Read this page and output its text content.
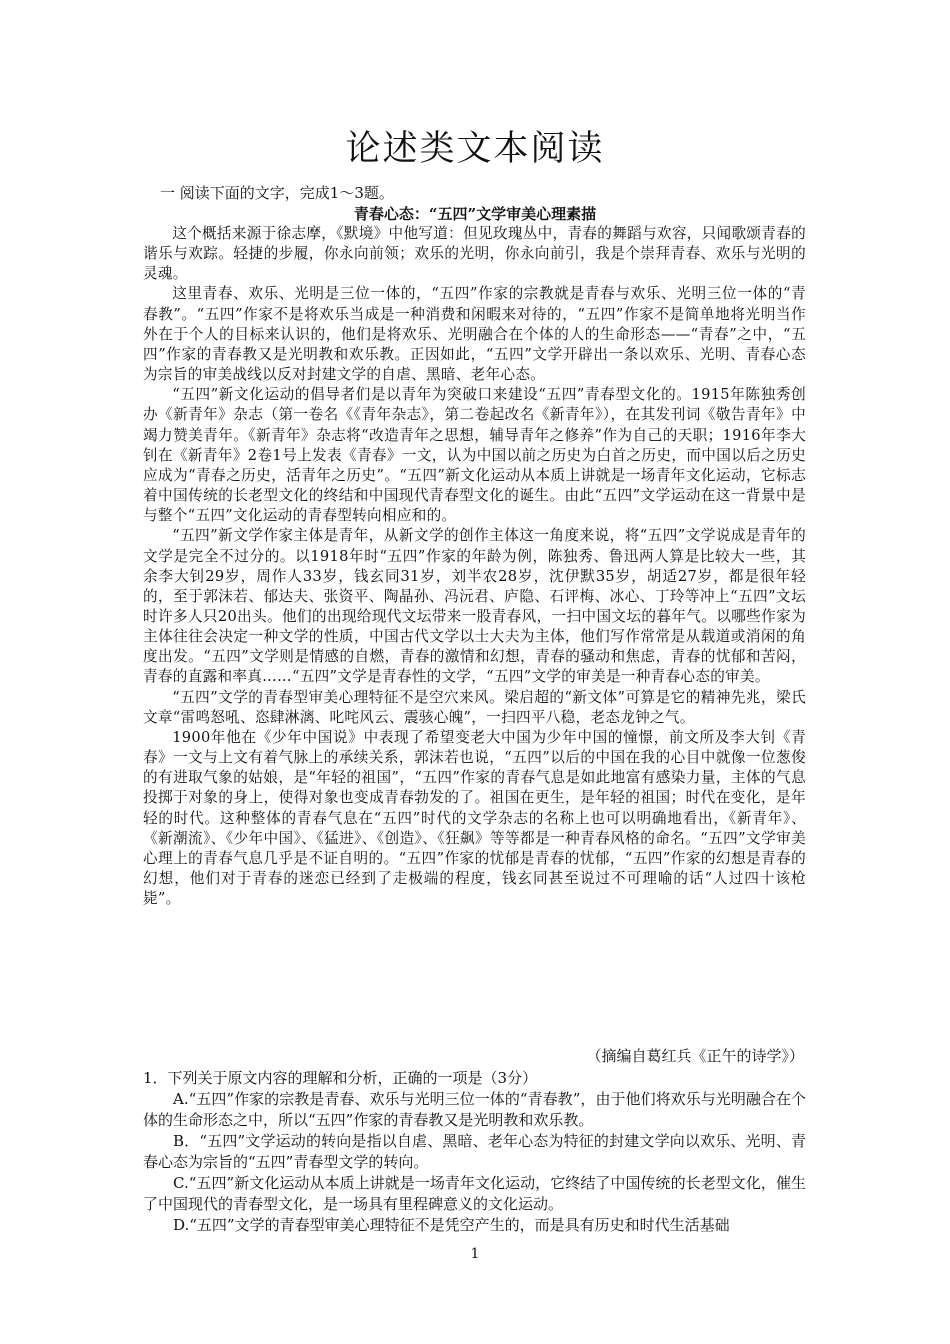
论述类文本阅读
一 阅读下面的文字，完成1～3题。
青春心态：“五四”文学审美心理素描

这个概括来源于徐志摩，《默境》中他写道：但见玫瑰丛中，青春的舞蹈与欢容，只闻歌颂青春的谐乐与欢踪。轻捷的步履，你永向前领；欢乐的光明，你永向前引，我是个崇拜青春、欢乐与光明的灵魂。

这里青春、欢乐、光明是三位一体的，“五四”作家的宗教就是青春与欢乐、光明三位一体的“青春教”。“五四”作家不是将欢乐当成是一种消费和闲暇来对待的，“五四”作家不是简单地将光明当作外在于个人的目标来认识的，他们是将欢乐、光明融合在个体的人的生命形态——“青春”之中，“五四”作家的青春教又是光明教和欢乐教。正因如此，“五四”文学开辟出一条以欢乐、光明、青春心态为宗旨的审美战线以反对封建文学的自虐、黑暗、老年心态。

“五四”新文化运动的倡导者们是以青年为突破口来建设“五四”青春型文化的。1915年陈独秀创办《新青年》杂志（第一卷名《《青年杂志》，第二卷起改名《新青年》），在其发刊词《敬告青年》中竭力赞美青年。《新青年》杂志将“改造青年之思想，辅导青年之修养”作为自己的天职；1916年李大钊在《新青年》2卷1号上发表《青春》一文，认为中国以前之历史为白首之历史，而中国以后之历史应成为“青春之历史，活青年之历史”。“五四”新文化运动从本质上讲就是一场青年文化运动，它标志着中国传统的长老型文化的终结和中国现代青春型文化的诞生。由此“五四”文学运动在这一背景中是与整个“五四”文化运动的青春型转向相应和的。

“五四”新文学作家主体是青年，从新文学的创作主体这一角度来说，将“五四”文学说成是青年的文学是完全不过分的。以1918年时“五四”作家的年龄为例，陈独秀、鲁迅两人算是比较大一些，其余李大钊29岁，周作人33岁，钱玄同31岁，刘半农28岁，沈伊默35岁，胡适27岁，都是很年轻的，至于郭沫若、郁达夫、张资平、陶晶孙、冯沅君、庐隐、石评梅、冰心、丁玲等冲上“五四”文坛时许多人只20出头。他们的出现给现代文坛带来一股青春风，一扫中国文坛的暮年气。以哪些作家为主体往往会决定一种文学的性质，中国古代文学以士大夫为主体，他们写作常常是从载道或消闲的角度出发。“五四”文学则是情感的自燃，青春的激情和幻想，青春的骚动和焦虑，青春的忧郁和苦闷，青春的直露和率真……“五四”文学是青春性的文学，“五四”文学的审美是一种青春心态的审美。

“五四”文学的青春型审美心理特征不是空穴来风。梁启超的“新文体”可算是它的精神先兆，梁氏文章“雷鸣怒吼、恣肆淋漓、叱咤风云、震骇心魄”，一扫四平八稳，老态龙钟之气。

1900年他在《少年中国说》中表现了希望变老大中国为少年中国的憧憬，前文所及李大钊《青春》一文与上文有着气脉上的承续关系，郭沫若也说，“五四”以后的中国在我的心目中就像一位葱俊的有进取气象的姑娘，是“年轻的祖国”，“五四”作家的青春气息是如此地富有感染力量，主体的气息投掷于对象的身上，使得对象也变成青春勃发的了。祖国在更生，是年轻的祖国；时代在变化，是年轻的时代。这种整体的青春气息在“五四”时代的文学杂志的名称上也可以明确地看出，《新青年》、《新潮流》、《少年中国》、《猛进》、《创造》、《狂飙》等等都是一种青春风格的命名。“五四”文学审美心理上的青春气息几乎是不证自明的。“五四”作家的忧郁是青春的忧郁，“五四”作家的幻想是青春的幻想，他们对于青春的迷恋已经到了走极端的程度，钱玄同甚至说过不可理喻的话“人过四十该枪毙”。

（摘编自葛红兵《正午的诗学》）

1．下列关于原文内容的理解和分析，正确的一项是（3分）

A.“五四”作家的宗教是青春、欢乐与光明三位一体的“青春教”，由于他们将欢乐与光明融合在个体的生命形态之中，所以“五四”作家的青春教又是光明教和欢乐教。

B．“五四”文学运动的转向是指以自虐、黑暗、老年心态为特征的封建文学向以欢乐、光明、青春心态为宗旨的“五四”青春型文学的转向。

C.“五四”新文化运动从本质上讲就是一场青年文化运动，它终结了中国传统的长老型文化，催生了中国现代的青春型文化，是一场具有里程碑意义的文化运动。

D.“五四”文学的青春型审美心理特征不是凭空产生的，而是具有历史和时代生活基础

1
